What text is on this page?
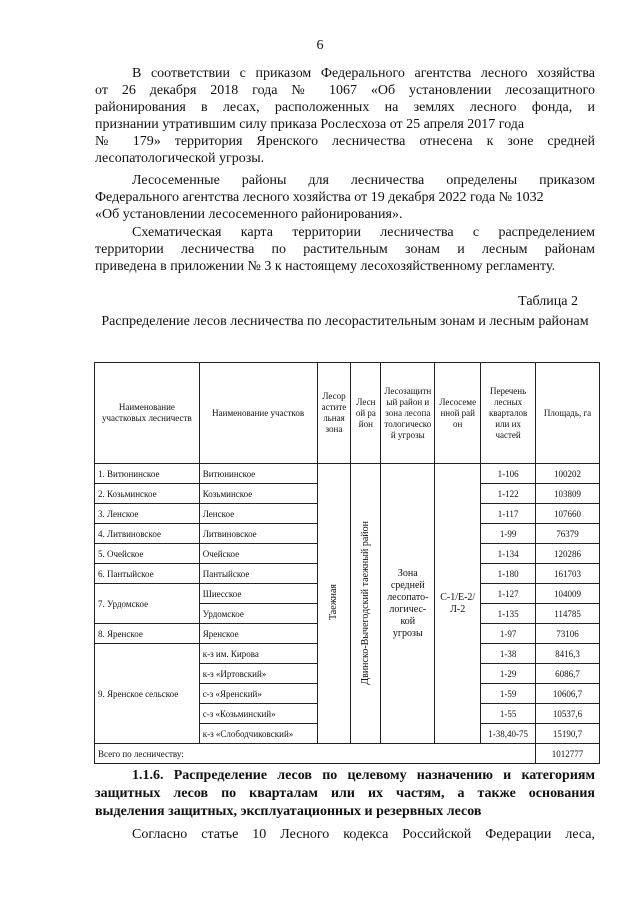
6
В соответствии с приказом Федерального агентства лесного хозяйства
от 26 декабря 2018 года № 1067 «Об установлении лесозащитного
районирования в лесах, расположенных на землях лесного фонда, и
признании утратившим силу приказа Рослесхоза от 25 апреля 2017 года
№ 179» территория Яренского лесничества отнесена к зоне средней
лесопатологической угрозы.
Лесосеменные районы для лесничества определены приказом
Федерального агентства лесного хозяйства от 19 декабря 2022 года № 1032
«Об установлении лесосеменного районирования».
Схематическая карта территории лесничества с распределением
территории лесничества по растительным зонам и лесным районам
приведена в приложении № 3 к настоящему лесохозяйственному регламенту.
Таблица 2
Распределение лесов лесничества по лесорастительным зонам и лесным районам
Наименование участковых лесничеств	Наименование участков	Лесорастительная зона	Лесной район	Лесозащитный район и зона лесопатологической угрозы	Лесосеменной район	Перечень лесных кварталов или их частей	Площадь, га
1. Витюнинское	Витюнинское	Таежная	Двинско-Вычегодский таежный район	Зона средней лесопато-логичес-кой угрозы	С-1/Е-2/Л-2	1-106	100202
2. Козьминское	Козьминское					1-122	103809
3. Ленское	Ленское					1-117	107660
4. Литвиновское	Литвиновское					1-99	76379
5. Очейское	Очейское					1-134	120286
6. Пантыйское	Пантыйское					1-180	161703
7. Урдомское	Шиесское					1-127	104009
	Урдомское					1-135	114785
8. Яренское	Яренское					1-97	73106
9. Яренское сельское	к-з им. Кирова					1-38	8416,3
	к-з «Иртовский»					1-29	6086,7
	с-з «Яренский»					1-59	10606,7
	с-з «Козьминский»					1-55	10537,6
	к-з «Слободчиковский»					1-38,40-75	15190,7
Всего по лесничеству:							1012777
1.1.6. Распределение лесов по целевому назначению и категориям
защитных лесов по кварталам или их частям, а также основания
выделения защитных, эксплуатационных и резервных лесов
Согласно статье 10 Лесного кодекса Российской Федерации леса,
